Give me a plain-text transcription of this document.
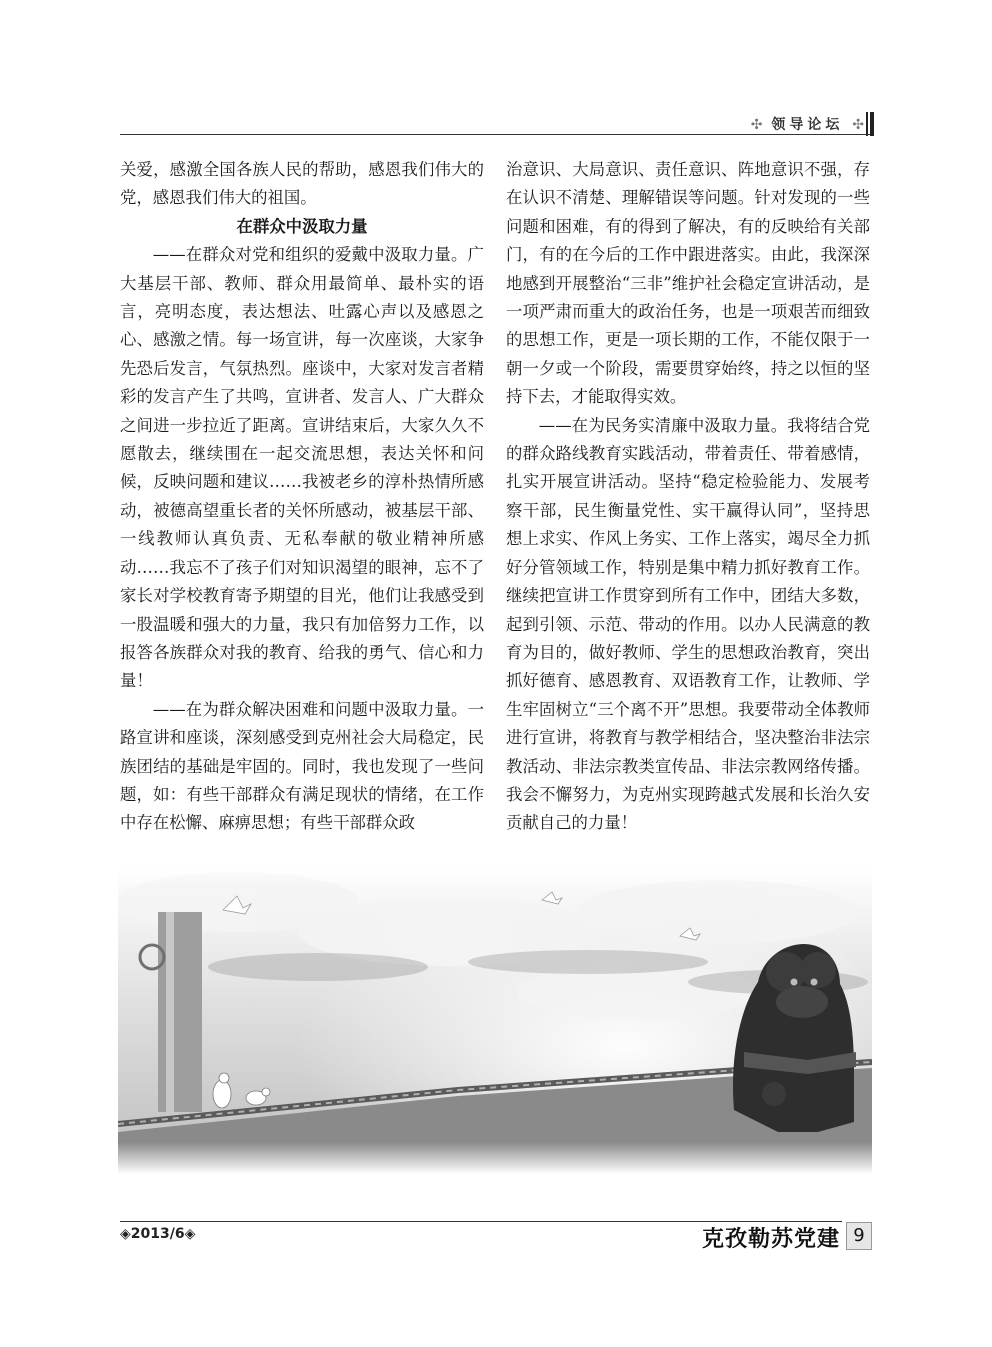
✣ 领导论坛 ✣

关爱，感激全国各族人民的帮助，感恩我们伟大的党，感恩我们伟大的祖国。

在群众中汲取力量

——在群众对党和组织的爱戴中汲取力量。广大基层干部、教师、群众用最简单、最朴实的语言，亮明态度，表达想法、吐露心声以及感恩之心、感激之情。每一场宣讲，每一次座谈，大家争先恐后发言，气氛热烈。座谈中，大家对发言者精彩的发言产生了共鸣，宣讲者、发言人、广大群众之间进一步拉近了距离。宣讲结束后，大家久久不愿散去，继续围在一起交流思想，表达关怀和问候，反映问题和建议……我被老乡的淳朴热情所感动，被德高望重长者的关怀所感动，被基层干部、一线教师认真负责、无私奉献的敬业精神所感动……我忘不了孩子们对知识渴望的眼神，忘不了家长对学校教育寄予期望的目光，他们让我感受到一股温暖和强大的力量，我只有加倍努力工作，以报答各族群众对我的教育、给我的勇气、信心和力量！

——在为群众解决困难和问题中汲取力量。一路宣讲和座谈，深刻感受到克州社会大局稳定，民族团结的基础是牢固的。同时，我也发现了一些问题，如：有些干部群众有满足现状的情绪，在工作中存在松懈、麻痹思想；有些干部群众政

治意识、大局意识、责任意识、阵地意识不强，存在认识不清楚、理解错误等问题。针对发现的一些问题和困难，有的得到了解决，有的反映给有关部门，有的在今后的工作中跟进落实。由此，我深深地感到开展整治“三非”维护社会稳定宣讲活动，是一项严肃而重大的政治任务，也是一项艰苦而细致的思想工作，更是一项长期的工作，不能仅限于一朝一夕或一个阶段，需要贯穿始终，持之以恒的坚持下去，才能取得实效。

——在为民务实清廉中汲取力量。我将结合党的群众路线教育实践活动，带着责任、带着感情，扎实开展宣讲活动。坚持“稳定检验能力、发展考察干部，民生衡量党性、实干赢得认同”，坚持思想上求实、作风上务实、工作上落实，竭尽全力抓好分管领域工作，特别是集中精力抓好教育工作。继续把宣讲工作贯穿到所有工作中，团结大多数，起到引领、示范、带动的作用。以办人民满意的教育为目的，做好教师、学生的思想政治教育，突出抓好德育、感恩教育、双语教育工作，让教师、学生牢固树立“三个离不开”思想。我要带动全体教师进行宣讲，将教育与教学相结合，坚决整治非法宗教活动、非法宗教类宣传品、非法宗教网络传播。我会不懈努力，为克州实现跨越式发展和长治久安贡献自己的力量！

◈2013/6◈	克孜勒苏党建 9
